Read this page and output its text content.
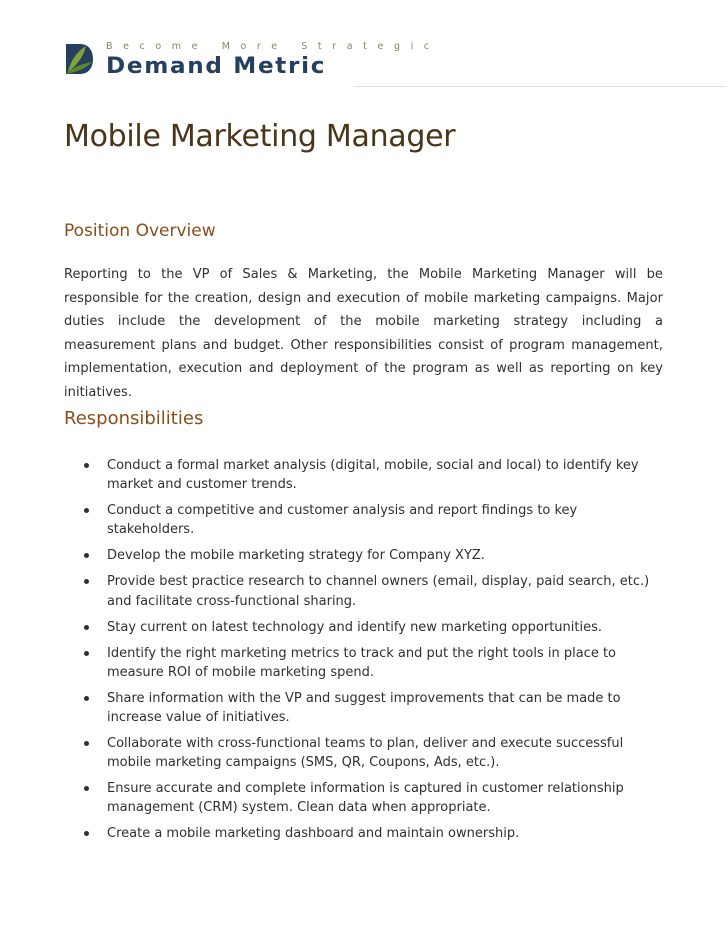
Become More Strategic
Demand Metric
Mobile Marketing Manager
Position Overview

Reporting to the VP of Sales & Marketing, the Mobile Marketing Manager will be responsible for the creation, design and execution of mobile marketing campaigns. Major duties include the development of the mobile marketing strategy including a measurement plans and budget. Other responsibilities consist of program management, implementation, execution and deployment of the program as well as reporting on key initiatives.

Responsibilities
Conduct a formal market analysis (digital, mobile, social and local) to identify key market and customer trends.
Conduct a competitive and customer analysis and report findings to key stakeholders.
Develop the mobile marketing strategy for Company XYZ.
Provide best practice research to channel owners (email, display, paid search, etc.) and facilitate cross-functional sharing.
Stay current on latest technology and identify new marketing opportunities.
Identify the right marketing metrics to track and put the right tools in place to measure ROI of mobile marketing spend.
Share information with the VP and suggest improvements that can be made to increase value of initiatives.
Collaborate with cross-functional teams to plan, deliver and execute successful mobile marketing campaigns (SMS, QR, Coupons, Ads, etc.).
Ensure accurate and complete information is captured in customer relationship management (CRM) system. Clean data when appropriate.
Create a mobile marketing dashboard and maintain ownership.
